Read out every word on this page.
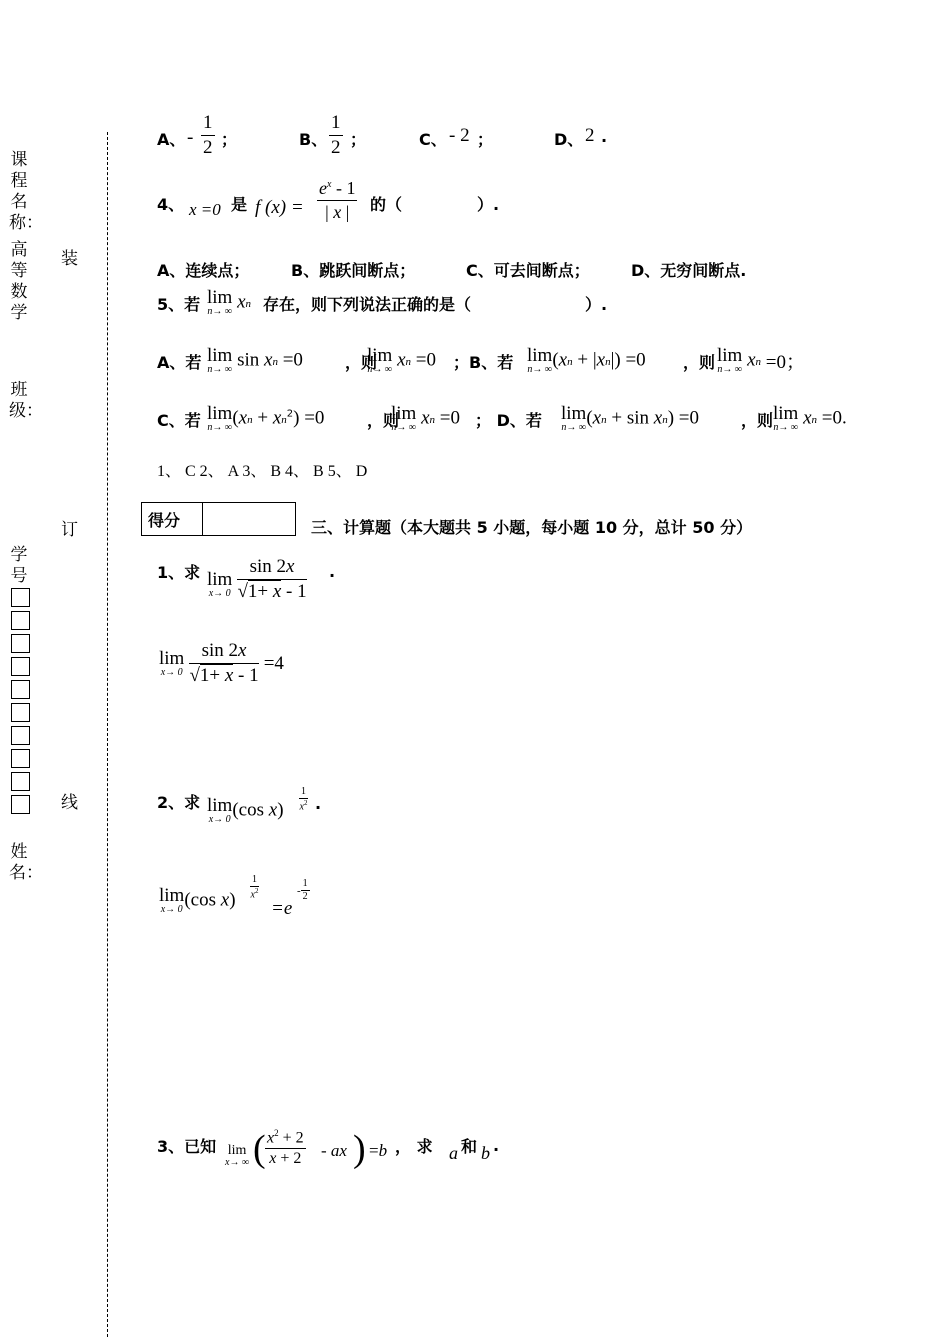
课程名称：
高等数学
班级：
学号
姓名：
装
订
线
A、 - $\frac{1}{2}$ ；	B、 $\frac{1}{2}$ ；	C、 - 2 ；	D、 2 .
4、 x =0 是 f $(x) = \frac{e^x - 1}{| x |}$ 的（	）.
A、连续点；	B、跳跃间断点；	C、可去间断点；	D、无穷间断点.
5、若 lim
n→ ∞ xn 存在，则下列说法正确的是（	）.
A、若 lim
n→ ∞ sin xn =0	，则
lim
n→ ∞ xn =0 ；B、若 lim
n→ ∞ (xn + |xn|) =0 ，则 lim
n→ ∞ xn =0；
C、若 lim
n→ ∞ $(xn + xn^2) =0$	，则
lim
n→ ∞ xn =0 ； D、若 lim
n→ ∞ (xn + sin xn) =0	，则 lim
n→ ∞ xn =0.
1、 C 2、 A 3、 B 4、 B 5、 D
得分		三、计算题（本大题共 5 小题，每小题 10 分，总计 50 分）
1、求 lim
x→ 0
$\frac{\sin 2x}{√1+ x - 1}$ .
lim
x→ 0
$\frac{\sin 2x}{√1+ x - 1} =4$
2、求 lim
x→ 0 (cos $x) \frac{1}{x^2}$ .
lim
x→ 0 (cos $x) \frac{1}{x^2}$
=e
- $\frac{1}{2}$
3、已知 lim
x→ ∞ ( $\frac{x^2 + 2}{x + 2}$ - ax ) =b ， 求 a 和 b .
